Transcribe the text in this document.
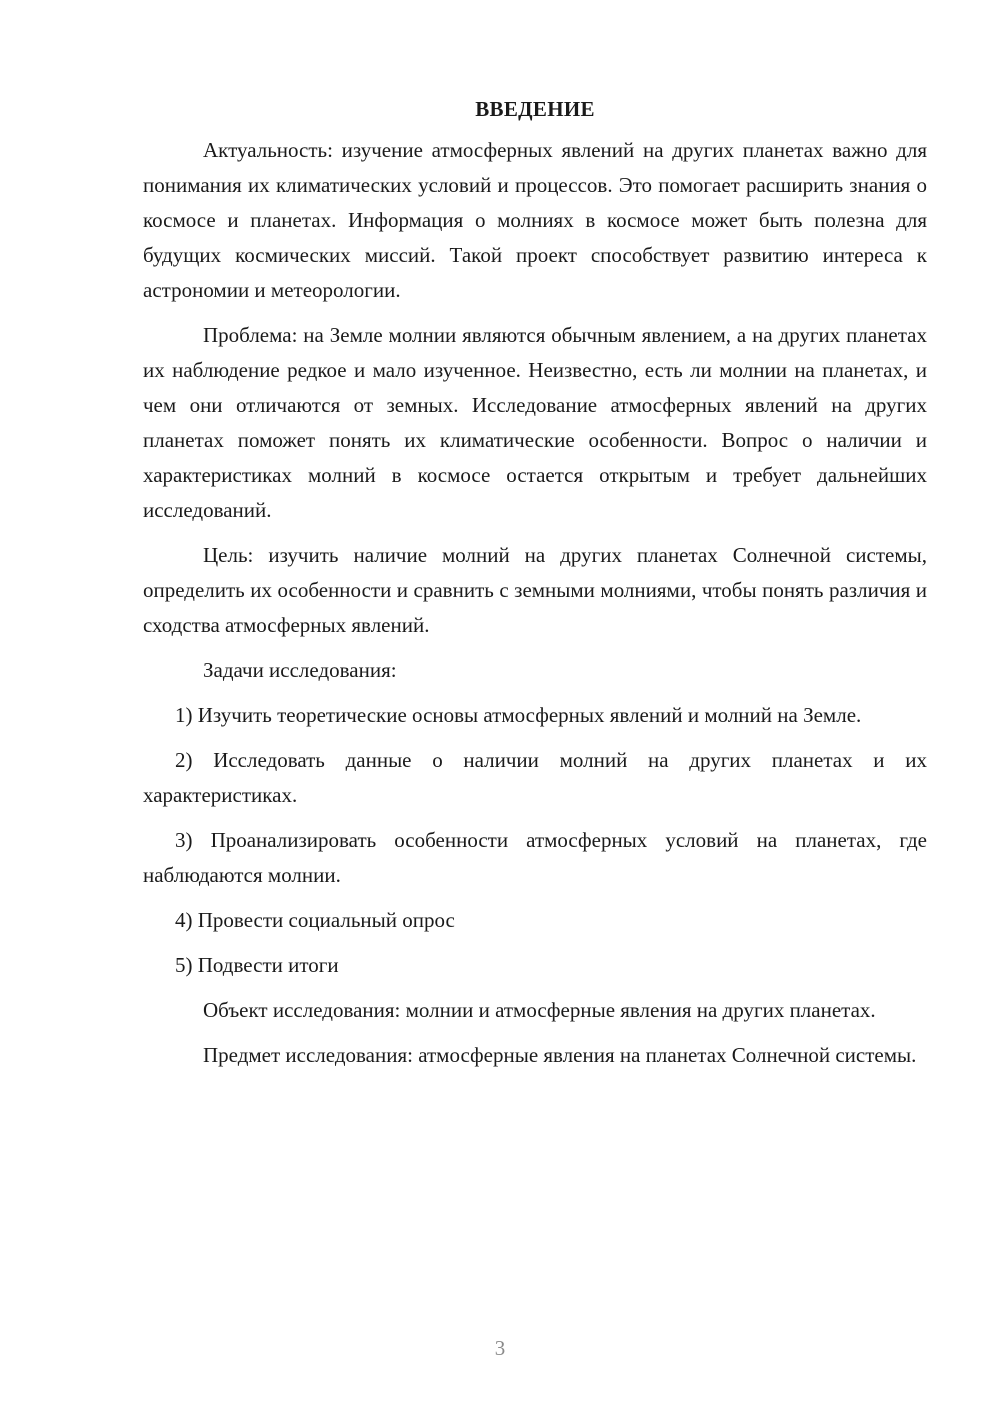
ВВЕДЕНИЕ

Актуальность: изучение атмосферных явлений на других планетах важно для понимания их климатических условий и процессов. Это помогает расширить знания о космосе и планетах. Информация о молниях в космосе может быть полезна для будущих космических миссий. Такой проект способствует развитию интереса к астрономии и метеорологии.

Проблема: на Земле молнии являются обычным явлением, а на других планетах их наблюдение редкое и мало изученное. Неизвестно, есть ли молнии на планетах, и чем они отличаются от земных. Исследование атмосферных явлений на других планетах поможет понять их климатические особенности. Вопрос о наличии и характеристиках молний в космосе остается открытым и требует дальнейших исследований.

Цель: изучить наличие молний на других планетах Солнечной системы, определить их особенности и сравнить с земными молниями, чтобы понять различия и сходства атмосферных явлений.

Задачи исследования:

1) Изучить теоретические основы атмосферных явлений и молний на Земле.

2) Исследовать данные о наличии молний на других планетах и их характеристиках.

3) Проанализировать особенности атмосферных условий на планетах, где наблюдаются молнии.

4) Провести социальный опрос

5) Подвести итоги

Объект исследования: молнии и атмосферные явления на других планетах.

Предмет исследования: атмосферные явления на планетах Солнечной системы.

3
